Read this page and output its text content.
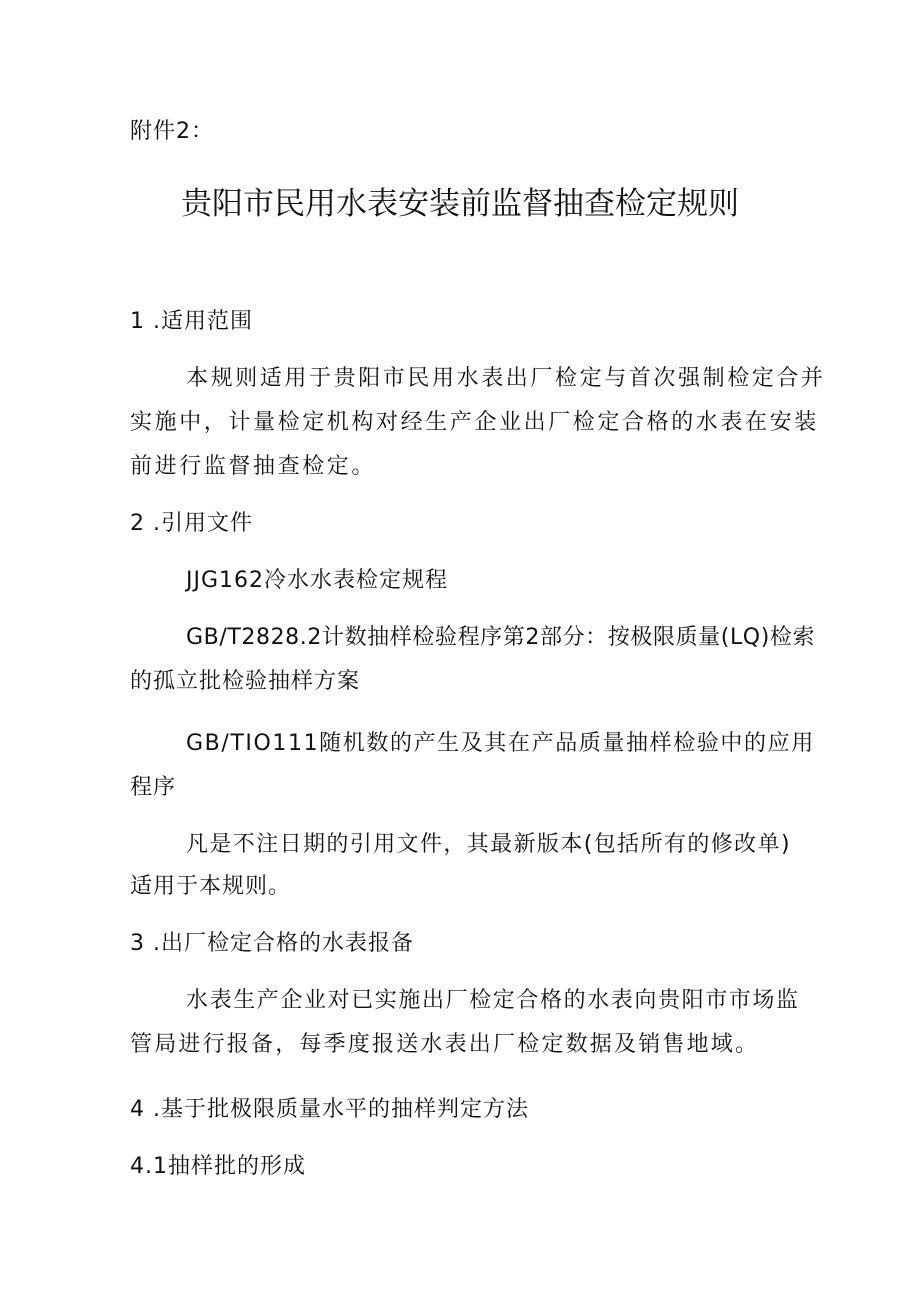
附件2：
贵阳市民用水表安装前监督抽查检定规则
1 .适用范围
本规则适用于贵阳市民用水表出厂检定与首次强制检定合并
实施中，计量检定机构对经生产企业出厂检定合格的水表在安装
前进行监督抽查检定。
2 .引用文件
JJG162冷水水表检定规程
GB/T2828.2计数抽样检验程序第2部分：按极限质量(LQ)检索
的孤立批检验抽样方案
GB/TIO111随机数的产生及其在产品质量抽样检验中的应用
程序
凡是不注日期的引用文件，其最新版本(包括所有的修改单)
适用于本规则。
3 .出厂检定合格的水表报备
水表生产企业对已实施出厂检定合格的水表向贵阳市市场监
管局进行报备，每季度报送水表出厂检定数据及销售地域。
4 .基于批极限质量水平的抽样判定方法
4.1抽样批的形成
